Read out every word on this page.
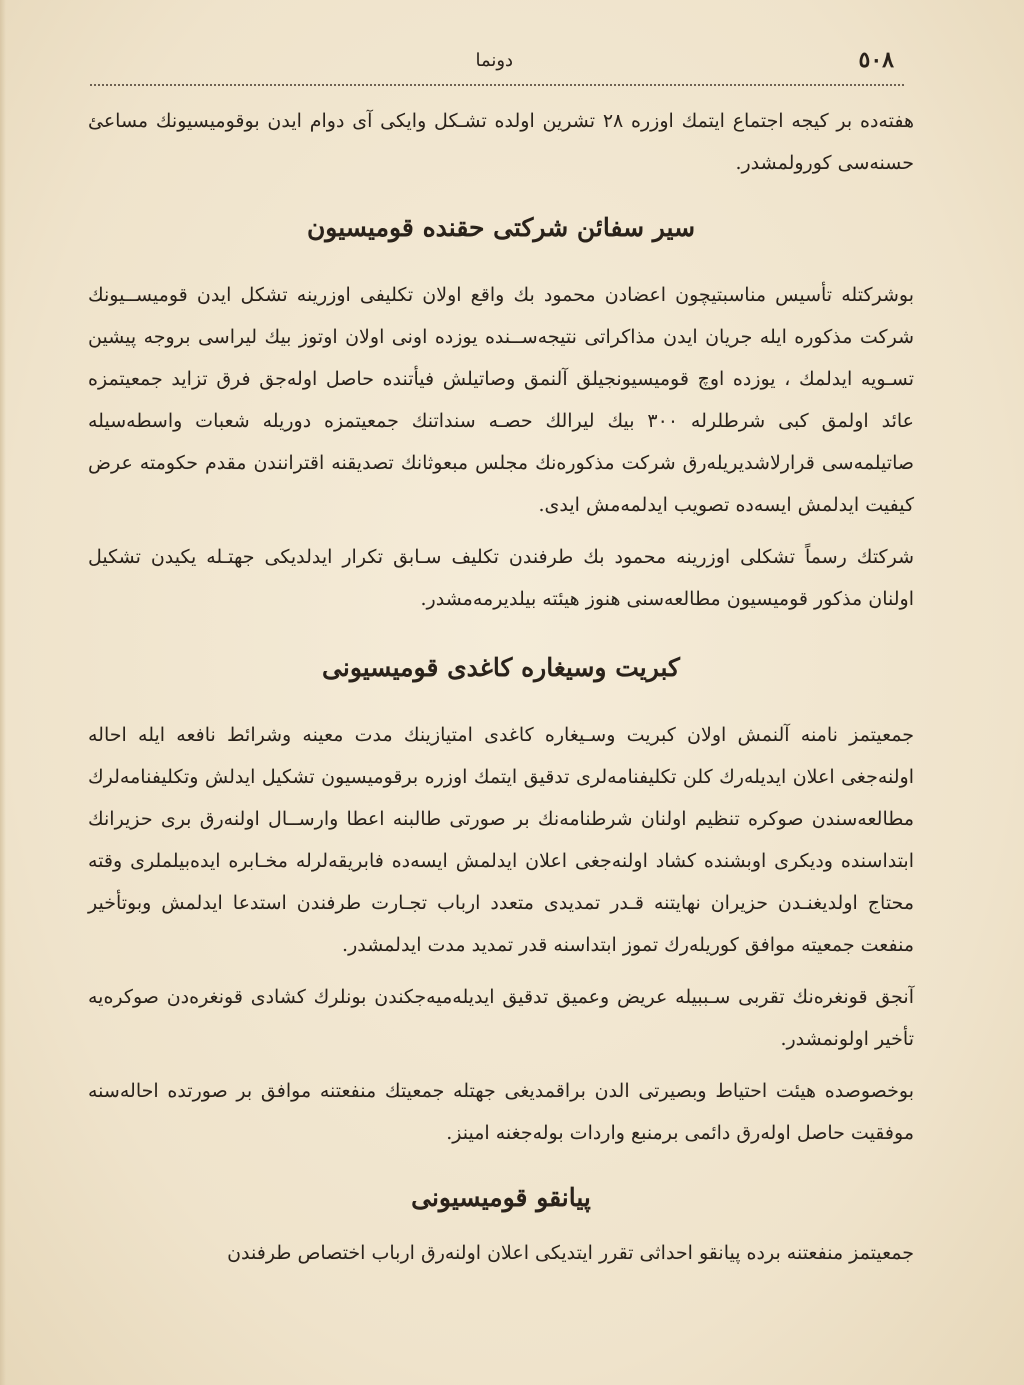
٥٠٨
دونما

هفته‌ده بر کیجه اجتماع ایتمك اوزره ٢٨ تشرین اولده تشـکل وایکی آی دوام ایدن بوقومیسیونك مساعئ حسنه‌سی کورولمشدر.

سیر سفائن شرکتی حقنده قومیسیون

بوشرکتله تأسیس مناسبتیچون اعضادن محمود بك واقع اولان تکلیفی اوزرینه تشکل ایدن قومیســیونك شرکت مذکوره ایله جریان ایدن مذاکراتی نتیجه‌ســنده یوزده اونی اولان اوتوز بیك لیراسی بروجه پیشین تسـویه ایدلمك ، یوزده اوچ قومیسیونجیلق آلنمق وصاتیلش فیأتنده حاصل اوله‌جق فرق تزاید جمعیتمزه عائد اولمق کبی شرطلرله ٣٠٠ بیك لیرالك حصـه سنداتنك جمعیتمزه دوریله شعبات واسطه‌سیله صاتیلمه‌سی قرارلاشدیریله‌رق شرکت مذکوره‌نك مجلس مبعوثانك تصدیقنه اقترانندن مقدم حکومته عرض کیفیت ایدلمش ایسه‌ده تصویب ایدلمه‌مش ایدی.

شرکتك رسماً تشکلی اوزرینه محمود بك طرفندن تکلیف سـابق تکرار ایدلدیکی جهتـله یکیدن تشکیل اولنان مذکور قومیسیون مطالعه‌سنی هنوز هیئته بیلدیرمه‌مشدر.

کبریت وسیغاره کاغدی قومیسیونی

جمعیتمز نامنه آلنمش اولان کبریت وسـیغاره کاغدی امتیازینك مدت معینه وشرائط نافعه ایله احاله اولنه‌جغی اعلان ایدیله‌رك کلن تکلیفنامه‌لری تدقیق ایتمك اوزره برقومیسیون تشکیل ایدلش وتکلیفنامه‌لرك مطالعه‌سندن صوکره تنظیم اولنان شرطنامه‌نك بر صورتی طالبنه اعطا وارســال اولنه‌رق بری حزیرانك ابتداسنده ودیکری اوبشنده کشاد اولنه‌جغی اعلان ایدلمش ایسه‌ده فابریقه‌لرله مخـابره ایده‌بیلملری وقته محتاج اولدیغنـدن حزیران نهایتنه قـدر تمدیدی متعدد ارباب تجـارت طرفندن استدعا ایدلمش وبوتأخیر منفعت جمعیته موافق کوریله‌رك تموز ابتداسنه قدر تمدید مدت ایدلمشدر.

آنجق قونغره‌نك تقربی سـببیله عریض وعمیق تدقیق ایدیله‌میه‌جکندن بونلرك کشادی قونغره‌دن صوکره‌یه تأخیر اولونمشدر.

بوخصوصده هیئت احتیاط وبصیرتی الدن براقمدیغی جهتله جمعیتك منفعتنه موافق بر صورتده احاله‌سنه موفقیت حاصل اوله‌رق دائمی برمنبع واردات بوله‌جغنه امینز.

پیانقو قومیسیونی

جمعیتمز منفعتنه برده پیانقو احداثی تقرر ایتدیکی اعلان اولنه‌رق ارباب اختصاص طرفندن
